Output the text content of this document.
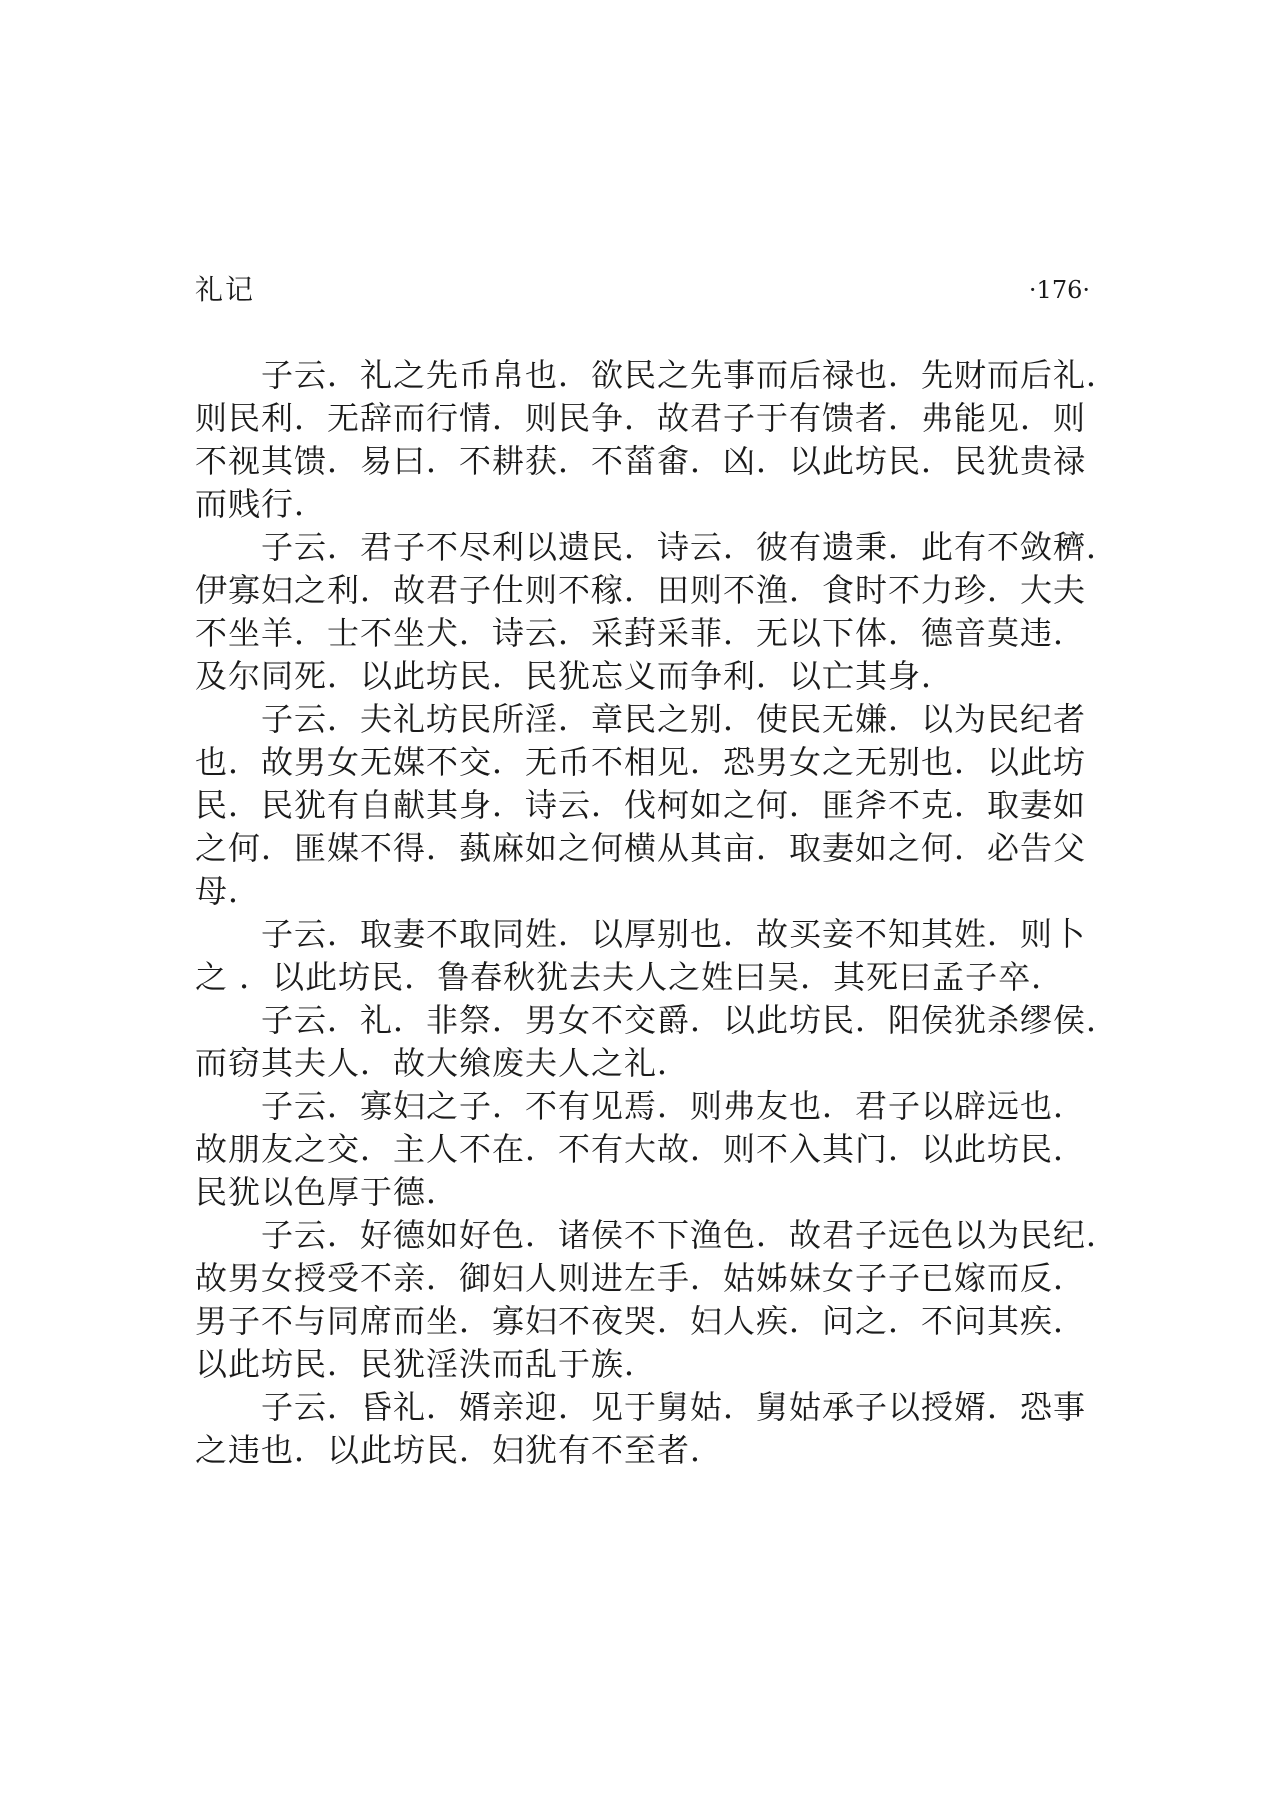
礼记	·176·

子云．礼之先币帛也．欲民之先事而后禄也．先财而后礼．
则民利．无辞而行情．则民争．故君子于有馈者．弗能见．则
不视其馈．易曰．不耕获．不菑畬．凶．以此坊民．民犹贵禄
而贱行．

子云．君子不尽利以遗民．诗云．彼有遗秉．此有不敛穧．
伊寡妇之利．故君子仕则不稼．田则不渔．食时不力珍．大夫
不坐羊．士不坐犬．诗云．采葑采菲．无以下体．德音莫违．
及尔同死．以此坊民．民犹忘义而争利．以亡其身．

子云．夫礼坊民所淫．章民之别．使民无嫌．以为民纪者
也．故男女无媒不交．无币不相见．恐男女之无别也．以此坊
民．民犹有自献其身．诗云．伐柯如之何．匪斧不克．取妻如
之何．匪媒不得．蓺麻如之何横从其亩．取妻如之何．必告父
母．

子云．取妻不取同姓．以厚别也．故买妾不知其姓．则卜
之 ．以此坊民．鲁春秋犹去夫人之姓曰吴．其死曰孟子卒．

子云．礼．非祭．男女不交爵．以此坊民．阳侯犹杀缪侯．
而窃其夫人．故大飨废夫人之礼．

子云．寡妇之子．不有见焉．则弗友也．君子以辟远也．
故朋友之交．主人不在．不有大故．则不入其门．以此坊民．
民犹以色厚于德．

子云．好德如好色．诸侯不下渔色．故君子远色以为民纪．
故男女授受不亲．御妇人则进左手．姑姊妹女子子已嫁而反．
男子不与同席而坐．寡妇不夜哭．妇人疾．问之．不问其疾．
以此坊民．民犹淫泆而乱于族．

子云．昏礼．婿亲迎．见于舅姑．舅姑承子以授婿．恐事
之违也．以此坊民．妇犹有不至者．
